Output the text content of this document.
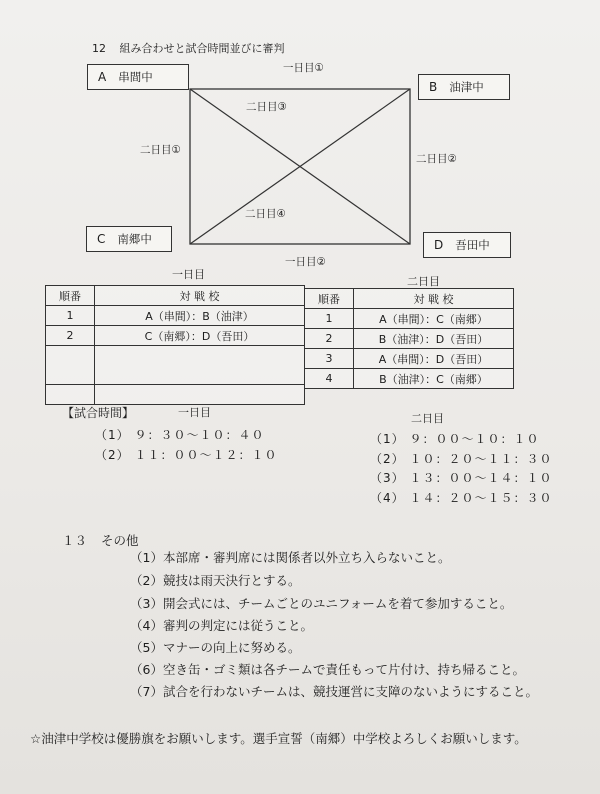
12 組み合わせと試合時間並びに審判
A 串間中
B 油津中
C 南郷中	D 吾田中
一日目①
一日目②
二日目①
二日目②
二日目③
二日目④
一日目
二日目
順番	対 戦 校
1	A（串間）：B（油津）
2	C（南郷）：D（吾田）

順番	対 戦 校
1	A（串間）：C（南郷）
2	B（油津）：D（吾田）
3	A（串間）：D（吾田）
4	B（油津）：C（南郷）
【試合時間】	一日目	二日目
（1） ９：３０～１０：４０
（2） １１：００～１２：１０
（1） ９：００～１０：１０
（2） １０：２０～１１：３０
（3） １３：００～１４：１０
（4） １４：２０～１５：３０
１３ その他
（1）本部席・審判席には関係者以外立ち入らないこと。
（2）競技は雨天決行とする。
（3）開会式には、チームごとのユニフォームを着て参加すること。
（4）審判の判定には従うこと。
（5）マナーの向上に努める。
（6）空き缶・ゴミ類は各チームで責任もって片付け、持ち帰ること。
（7）試合を行わないチームは、競技運営に支障のないようにすること。
☆油津中学校は優勝旗をお願いします。選手宣誓（南郷）中学校よろしくお願いします。
